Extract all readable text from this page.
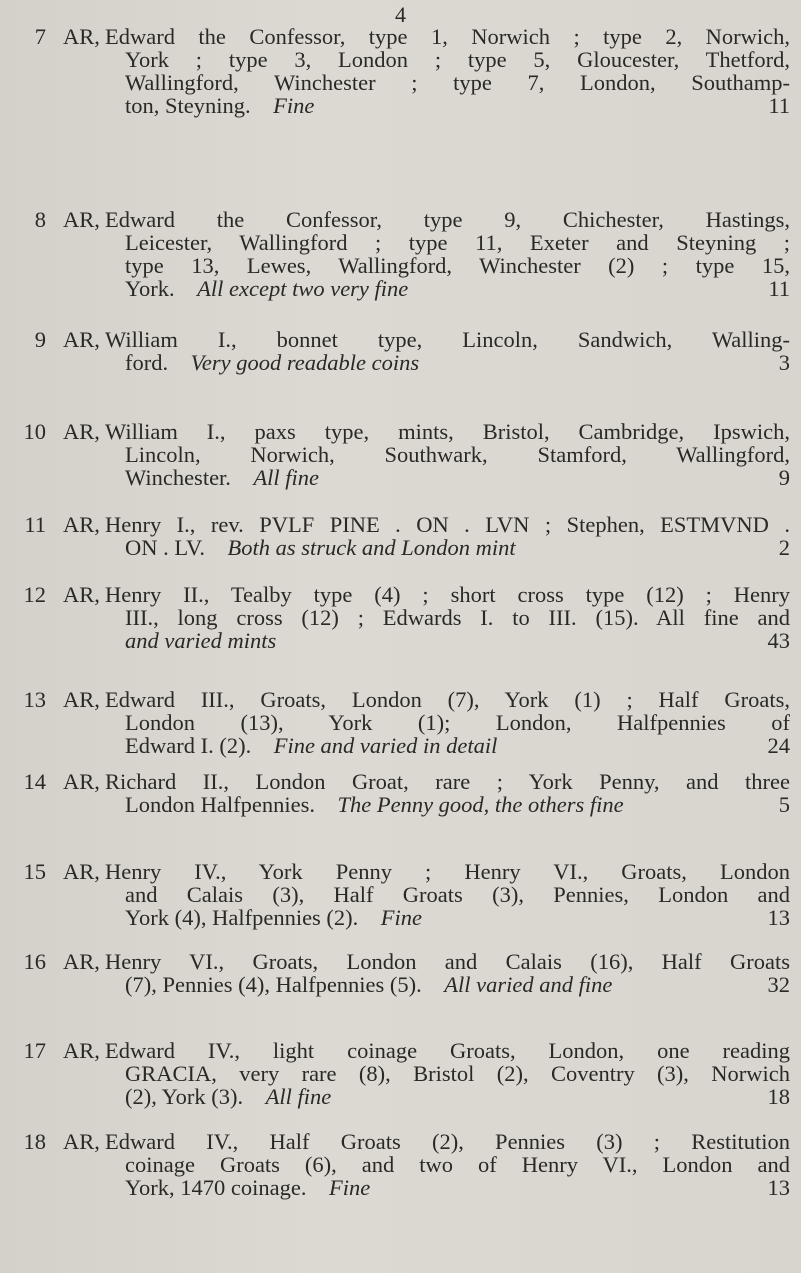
4
7 AR, Edward the Confessor, type 1, Norwich ; type 2, Norwich,
York ; type 3, London ; type 5, Gloucester, Thetford,
Wallingford, Winchester ; type 7, London, Southamp-
ton, Steyning.  Fine	11
8 AR, Edward the Confessor, type 9, Chichester, Hastings,
Leicester, Wallingford ; type 11, Exeter and Steyning ;
type 13, Lewes, Wallingford, Winchester (2) ; type 15,
York.  All except two very fine	11
9 AR, William I., bonnet type, Lincoln, Sandwich, Walling-
ford.  Very good readable coins	3
10 AR, William I., paxs type, mints, Bristol, Cambridge, Ipswich,
Lincoln, Norwich, Southwark, Stamford, Wallingford,
Winchester.  All fine	9
11 AR, Henry I., rev. PVLF PINE . ON . LVN ; Stephen, ESTMVND .
ON . LV.  Both as struck and London mint	2
12 AR, Henry II., Tealby type (4) ; short cross type (12) ; Henry
III., long cross (12) ; Edwards I. to III. (15). All fine and
and varied mints	43
13 AR, Edward III., Groats, London (7), York (1) ; Half Groats,
London (13), York (1); London, Halfpennies of
Edward I. (2).  Fine and varied in detail	24
14 AR, Richard II., London Groat, rare ; York Penny, and three
London Halfpennies.  The Penny good, the others fine	5
15 AR, Henry IV., York Penny ; Henry VI., Groats, London
and Calais (3), Half Groats (3), Pennies, London and
York (4), Halfpennies (2).  Fine	13
16 AR, Henry VI., Groats, London and Calais (16), Half Groats
(7), Pennies (4), Halfpennies (5).  All varied and fine	32
17 AR, Edward IV., light coinage Groats, London, one reading
GRACIA, very rare (8), Bristol (2), Coventry (3), Norwich
(2), York (3).  All fine	18
18 AR, Edward IV., Half Groats (2), Pennies (3) ; Restitution
coinage Groats (6), and two of Henry VI., London and
York, 1470 coinage.  Fine	13
